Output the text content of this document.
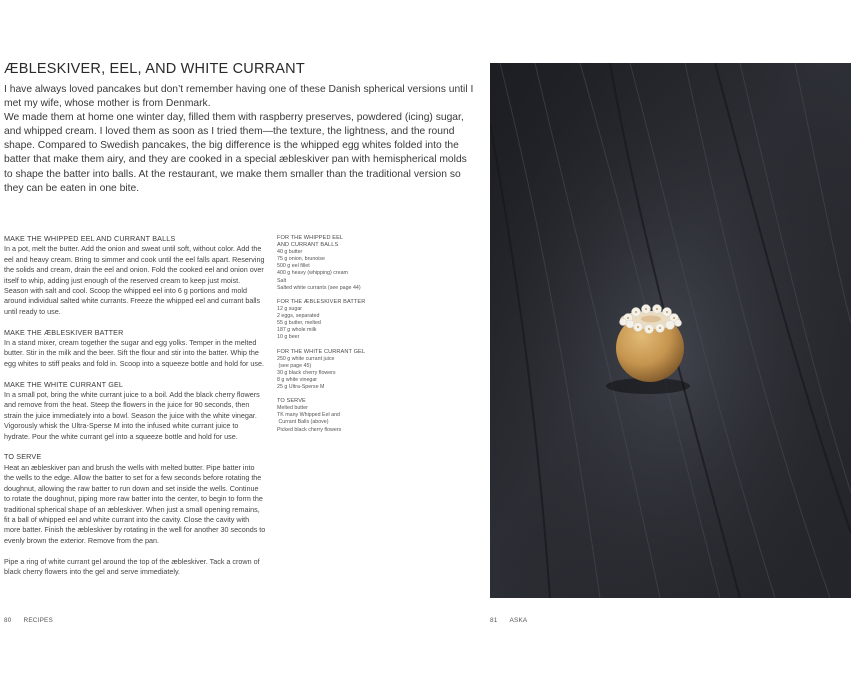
ÆBLESKIVER, EEL, AND WHITE CURRANT

I have always loved pancakes but don’t remember having one of these Danish spherical versions until I met my wife, whose mother is from Denmark.

We made them at home one winter day, filled them with raspberry preserves, powdered (icing) sugar, and whipped cream. I loved them as soon as I tried them—the texture, the lightness, and the round shape. Compared to Swedish pancakes, the big difference is the whipped egg whites folded into the batter that make them airy, and they are cooked in a special æbleskiver pan with hemispherical molds to shape the batter into balls. At the restaurant, we make them smaller than the traditional version so they can be eaten in one bite.

MAKE THE WHIPPED EEL AND CURRANT BALLS

In a pot, melt the butter. Add the onion and sweat until soft, without color. Add the eel and heavy cream. Bring to simmer and cook until the eel falls apart. Reserving the solids and cream, drain the eel and onion. Fold the cooked eel and onion over itself to whip, adding just enough of the reserved cream to keep just moist. Season with salt and cool. Scoop the whipped eel into 6 g portions and mold around individual salted white currants. Freeze the whipped eel and currant balls until ready to use.

MAKE THE ÆBLESKIVER BATTER

In a stand mixer, cream together the sugar and egg yolks. Temper in the melted butter. Stir in the milk and the beer. Sift the flour and stir into the batter. Whip the egg whites to stiff peaks and fold in. Scoop into a squeeze bottle and hold for use.

MAKE THE WHITE CURRANT GEL

In a small pot, bring the white currant juice to a boil. Add the black cherry flowers and remove from the heat. Steep the flowers in the juice for 90 seconds, then strain the juice immediately into a bowl. Season the juice with the white vinegar. Vigorously whisk the Ultra-Sperse M into the infused white currant juice to hydrate. Pour the white currant gel into a squeeze bottle and hold for use.

TO SERVE

Heat an æbleskiver pan and brush the wells with melted butter. Pipe batter into the wells to the edge. Allow the batter to set for a few seconds before rotating the doughnut, allowing the raw batter to run down and set inside the wells. Continue to rotate the doughnut, piping more raw batter into the center, to begin to form the traditional spherical shape of an æbleskiver. When just a small opening remains, fit a ball of whipped eel and white currant into the cavity. Close the cavity with more batter. Finish the æbleskiver by rotating in the well for another 30 seconds to evenly brown the exterior. Remove from the pan.

Pipe a ring of white currant gel around the top of the æbleskiver. Tack a crown of black cherry flowers into the gel and serve immediately.

FOR THE WHIPPED EEL
AND CURRANT BALLS
40 g butter
75 g onion, brunoise
500 g eel fillet
400 g heavy (whipping) cream
Salt
Salted white currants (see page 44)
FOR THE ÆBLESKIVER BATTER
12 g sugar
2 eggs, separated
55 g butter, melted
187 g whole milk
10 g beer
FOR THE WHITE CURRANT GEL
250 g white currant juice
(see page 45)
30 g black cherry flowers
8 g white vinegar
25 g Ultra-Sperse M
TO SERVE
Melted butter
TK many Whipped Eel and
Currant Balls (above)
Picked black cherry flowers
80 RECIPES	81 ASKA
